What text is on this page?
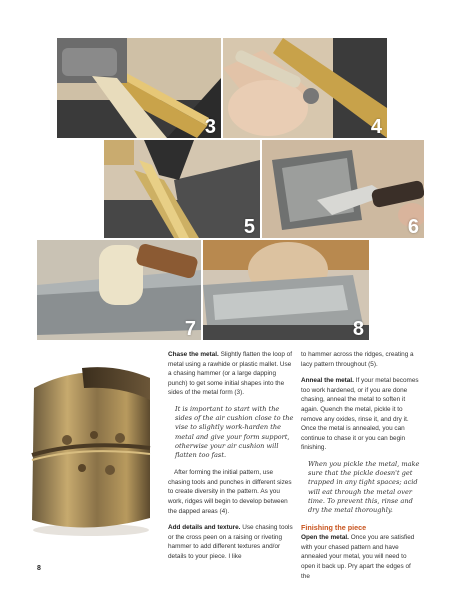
3	4
5	6
7	8

Chase the metal. Slightly flatten the loop of metal using a rawhide or plastic mallet. Use a chasing hammer (or a large dapping punch) to get some initial shapes into the sides of the metal form (3).

It is important to start with the sides of the air cushion close to the vise to slightly work-harden the metal and give your form support, otherwise your air cushion will flatten too fast.

After forming the initial pattern, use chasing tools and punches in different sizes to create diversity in the pattern. As you work, ridges will begin to develop between the dapped areas (4).

Add details and texture. Use chasing tools or the cross peen on a raising or riveting hammer to add different textures and/or details to your piece. I like

to hammer across the ridges, creating a lacy pattern throughout (5).

Anneal the metal. If your metal becomes too work hardened, or if you are done chasing, anneal the metal to soften it again. Quench the metal, pickle it to remove any oxides, rinse it, and dry it. Once the metal is annealed, you can continue to chase it or you can begin finishing.

When you pickle the metal, make sure that the pickle doesn't get trapped in any tight spaces; acid will eat through the metal over time. To prevent this, rinse and dry the metal thoroughly.

Finishing the piece

Open the metal. Once you are satisfied with your chased pattern and have annealed your metal, you will need to open it back up. Pry apart the edges of the

8
